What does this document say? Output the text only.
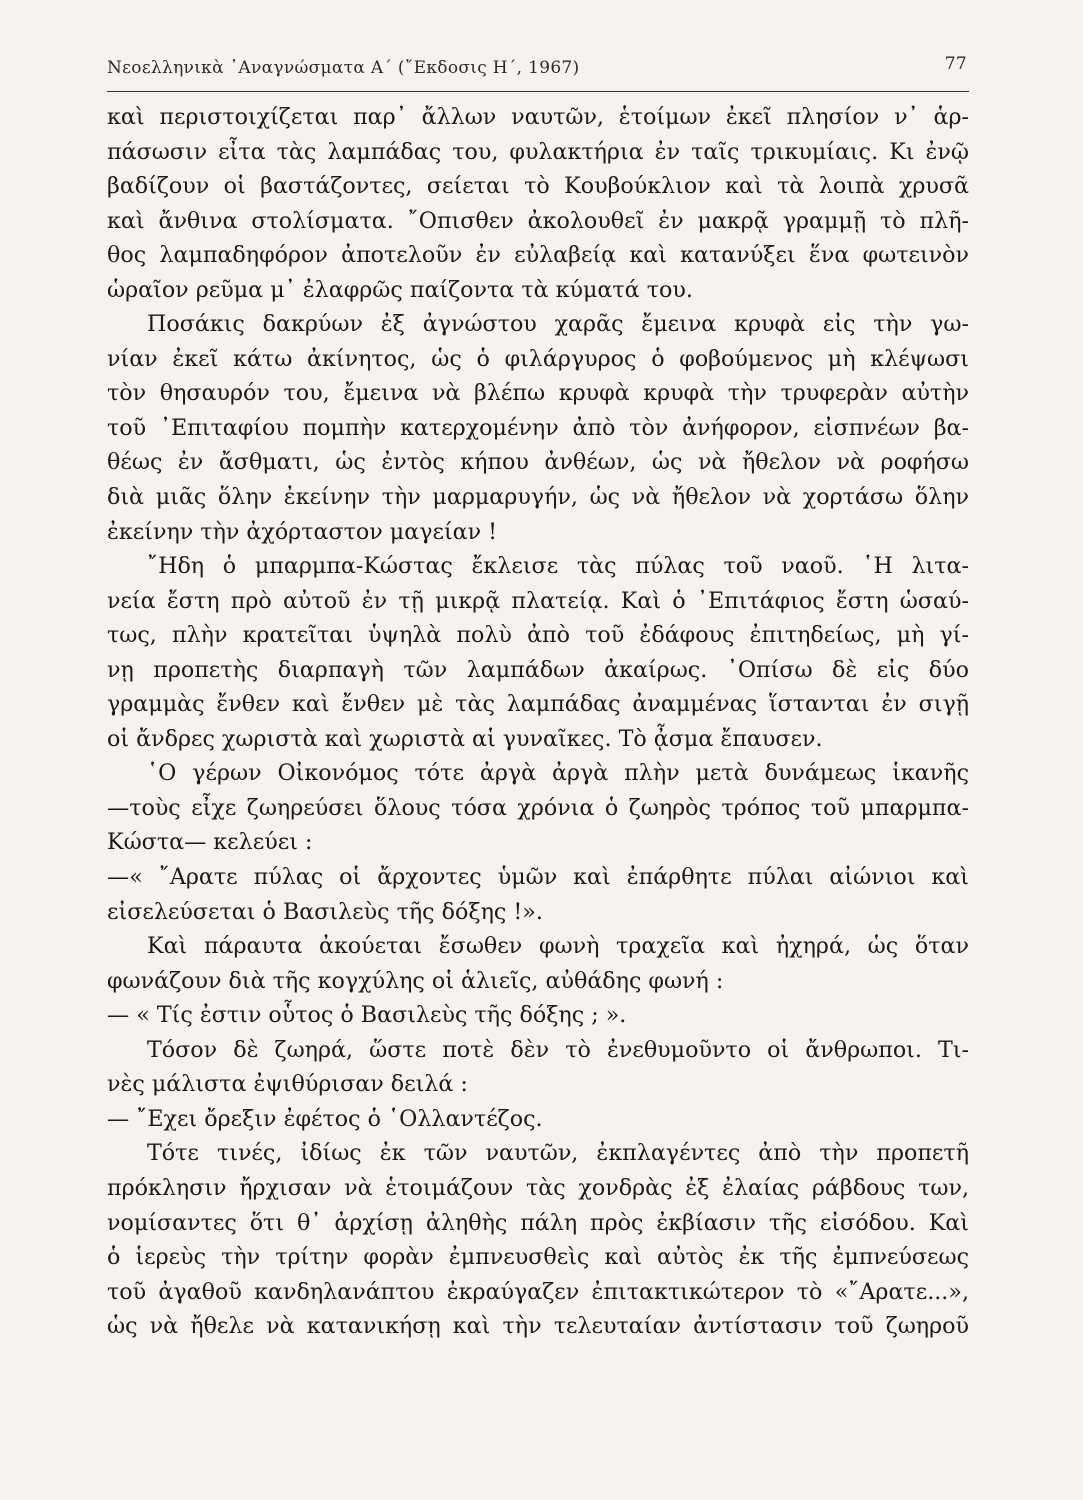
Νεοελληνικὰ ᾿Αναγνώσματα Α΄ (῎Εκδοσις Η΄, 1967)	77
καὶ περιστοιχίζεται παρ᾿ ἄλλων ναυτῶν, ἑτοίμων ἐκεῖ πλησίον ν᾿ ἁρ-
πάσωσιν εἶτα τὰς λαμπάδας του, φυλακτήρια ἐν ταῖς τρικυμίαις. Κι ἐνῷ
βαδίζουν οἱ βαστάζοντες, σείεται τὸ Κουβούκλιον καὶ τὰ λοιπὰ χρυσᾶ
καὶ ἄνθινα στολίσματα. ῎Οπισθεν ἀκολουθεῖ ἐν μακρᾷ γραμμῇ τὸ πλῆ-
θος λαμπαδηφόρον ἀποτελοῦν ἐν εὐλαβείᾳ καὶ κατανύξει ἕνα φωτεινὸν
ὡραῖον ρεῦμα μ᾿ ἐλαφρῶς παίζοντα τὰ κύματά του.
Ποσάκις δακρύων ἐξ ἀγνώστου χαρᾶς ἔμεινα κρυφὰ εἰς τὴν γω-
νίαν ἐκεῖ κάτω ἀκίνητος, ὡς ὁ φιλάργυρος ὁ φοβούμενος μὴ κλέψωσι
τὸν θησαυρόν του, ἔμεινα νὰ βλέπω κρυφὰ κρυφὰ τὴν τρυφερὰν αὐτὴν
τοῦ ᾿Επιταφίου πομπὴν κατερχομένην ἀπὸ τὸν ἀνήφορον, εἰσπνέων βα-
θέως ἐν ἄσθματι, ὡς ἐντὸς κήπου ἀνθέων, ὡς νὰ ἤθελον νὰ ροφήσω
διὰ μιᾶς ὅλην ἐκείνην τὴν μαρμαρυγήν, ὡς νὰ ἤθελον νὰ χορτάσω ὅλην
ἐκείνην τὴν ἀχόρταστον μαγείαν !
῎Ηδη ὁ μπαρμπα-Κώστας ἔκλεισε τὰς πύλας τοῦ ναοῦ. ῾Η λιτα-
νεία ἔστη πρὸ αὐτοῦ ἐν τῇ μικρᾷ πλατείᾳ. Καὶ ὁ ᾿Επιτάφιος ἔστη ὡσαύ-
τως, πλὴν κρατεῖται ὑψηλὰ πολὺ ἀπὸ τοῦ ἐδάφους ἐπιτηδείως, μὴ γί-
νῃ προπετὴς διαρπαγὴ τῶν λαμπάδων ἀκαίρως. ᾿Οπίσω δὲ εἰς δύο
γραμμὰς ἔνθεν καὶ ἔνθεν μὲ τὰς λαμπάδας ἀναμμένας ἵστανται ἐν σιγῇ
οἱ ἄνδρες χωριστὰ καὶ χωριστὰ αἱ γυναῖκες. Τὸ ᾆσμα ἔπαυσεν.
῾Ο γέρων Οἰκονόμος τότε ἀργὰ ἀργὰ πλὴν μετὰ δυνάμεως ἱκανῆς
—τοὺς εἶχε ζωηρεύσει ὅλους τόσα χρόνια ὁ ζωηρὸς τρόπος τοῦ μπαρμπα-
Κώστα— κελεύει :
—« ῎Αρατε πύλας οἱ ἄρχοντες ὑμῶν καὶ ἐπάρθητε πύλαι αἰώνιοι καὶ
εἰσελεύσεται ὁ Βασιλεὺς τῆς δόξης !».
Καὶ πάραυτα ἀκούεται ἔσωθεν φωνὴ τραχεῖα καὶ ἠχηρά, ὡς ὅταν
φωνάζουν διὰ τῆς κογχύλης οἱ ἁλιεῖς, αὐθάδης φωνή :
— « Τίς ἐστιν οὗτος ὁ Βασιλεὺς τῆς δόξης ; ».
Τόσον δὲ ζωηρά, ὥστε ποτὲ δὲν τὸ ἐνεθυμοῦντο οἱ ἄνθρωποι. Τι-
νὲς μάλιστα ἐψιθύρισαν δειλά :
— ῎Εχει ὄρεξιν ἐφέτος ὁ ῾Ολλαντέζος.
Τότε τινές, ἰδίως ἐκ τῶν ναυτῶν, ἐκπλαγέντες ἀπὸ τὴν προπετῆ
πρόκλησιν ἤρχισαν νὰ ἑτοιμάζουν τὰς χονδρὰς ἐξ ἐλαίας ράβδους των,
νομίσαντες ὅτι θ᾿ ἀρχίσῃ ἀληθὴς πάλη πρὸς ἐκβίασιν τῆς εἰσόδου. Καὶ
ὁ ἱερεὺς τὴν τρίτην φορὰν ἐμπνευσθεὶς καὶ αὐτὸς ἐκ τῆς ἐμπνεύσεως
τοῦ ἀγαθοῦ κανδηλανάπτου ἐκραύγαζεν ἐπιτακτικώτερον τὸ «῎Αρατε...»,
ὡς νὰ ἤθελε νὰ κατανικήσῃ καὶ τὴν τελευταίαν ἀντίστασιν τοῦ ζωηροῦ
